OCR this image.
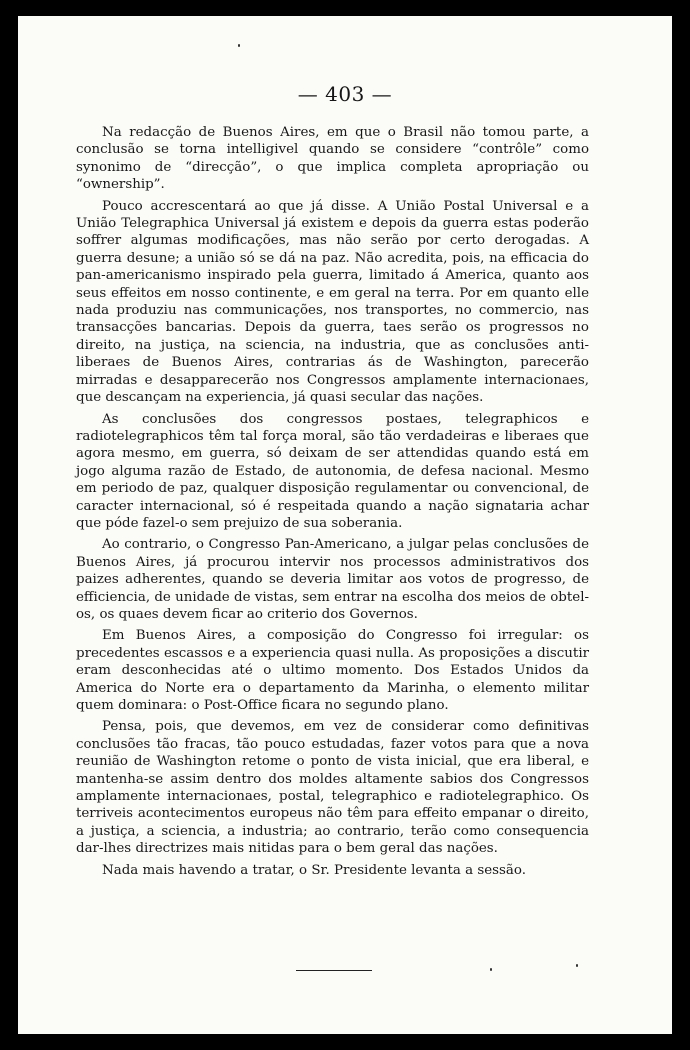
— 403 —

Na redacção de Buenos Aires, em que o Brasil não tomou parte, a conclusão se torna intelligivel quando se considere “contrôle” como synonimo de “direcção”, o que implica completa apropriação ou “ownership”.

Pouco accrescentará ao que já disse. A União Postal Universal e a União Telegraphica Universal já existem e depois da guerra estas poderão soffrer algumas modificações, mas não serão por certo derogadas. A guerra desune; a união só se dá na paz. Não acredita, pois, na efficacia do pan-americanismo inspirado pela guerra, limitado á America, quanto aos seus effeitos em nosso continente, e em geral na terra. Por em quanto elle nada produziu nas communicações, nos transportes, no commercio, nas transacções bancarias. Depois da guerra, taes serão os progressos no direito, na justiça, na sciencia, na industria, que as conclusões anti-liberaes de Buenos Aires, contrarias ás de Washington, parecerão mirradas e desapparecerão nos Congressos amplamente internacionaes, que descançam na experiencia, já quasi secular das nações.

As conclusões dos congressos postaes, telegraphicos e radiotelegraphicos têm tal força moral, são tão verdadeiras e liberaes que agora mesmo, em guerra, só deixam de ser attendidas quando está em jogo alguma razão de Estado, de autonomia, de defesa nacional. Mesmo em periodo de paz, qualquer disposição regulamentar ou convencional, de caracter internacional, só é respeitada quando a nação signataria achar que póde fazel-o sem prejuizo de sua soberania.

Ao contrario, o Congresso Pan-Americano, a julgar pelas conclusões de Buenos Aires, já procurou intervir nos processos administrativos dos paizes adherentes, quando se deveria limitar aos votos de progresso, de efficiencia, de unidade de vistas, sem entrar na escolha dos meios de obtel-os, os quaes devem ficar ao criterio dos Governos.

Em Buenos Aires, a composição do Congresso foi irregular: os precedentes escassos e a experiencia quasi nulla. As proposições a discutir eram desconhecidas até o ultimo momento. Dos Estados Unidos da America do Norte era o departamento da Marinha, o elemento militar quem dominara: o Post-Office ficara no segundo plano.

Pensa, pois, que devemos, em vez de considerar como definitivas conclusões tão fracas, tão pouco estudadas, fazer votos para que a nova reunião de Washington retome o ponto de vista inicial, que era liberal, e mantenha-se assim dentro dos moldes altamente sabios dos Congressos amplamente internacionaes, postal, telegraphico e radiotelegraphico. Os terriveis acontecimentos europeus não têm para effeito empanar o direito, a justiça, a sciencia, a industria; ao contrario, terão como consequencia dar-lhes directrizes mais nitidas para o bem geral das nações.

Nada mais havendo a tratar, o Sr. Presidente levanta a sessão.
